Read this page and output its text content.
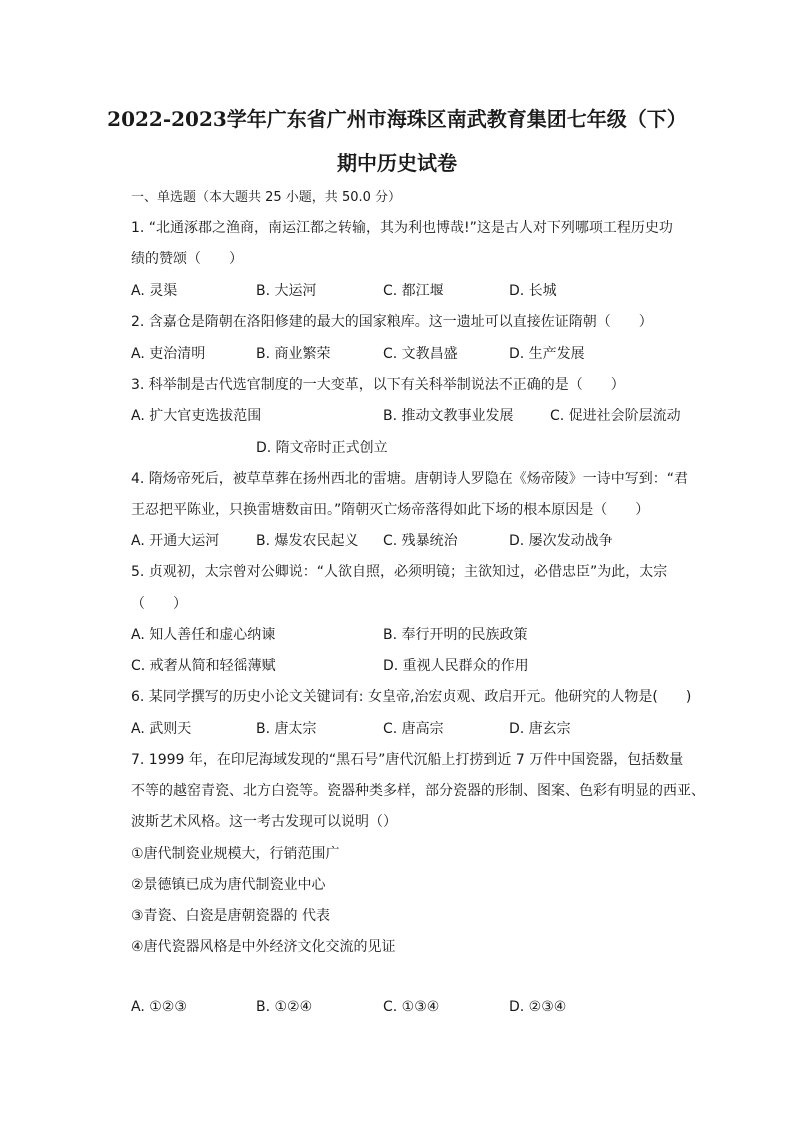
2022-2023学年广东省广州市海珠区南武教育集团七年级（下）
期中历史试卷
一、单选题（本大题共 25 小题，共 50.0 分）
1. “北通涿郡之渔商，南运江都之转输，其为利也博哉!”这是古人对下列哪项工程历史功
绩的赞颂（　　）
A. 灵渠	B. 大运河	C. 都江堰	D. 长城
2. 含嘉仓是隋朝在洛阳修建的最大的国家粮库。这一遗址可以直接佐证隋朝（　　）
A. 吏治清明	B. 商业繁荣	C. 文教昌盛	D. 生产发展
3. 科举制是古代选官制度的一大变革，以下有关科举制说法不正确的是（　　）
A. 扩大官吏选拔范围	B. 推动文教事业发展	C. 促进社会阶层流动
D. 隋文帝时正式创立
4. 隋炀帝死后，被草草葬在扬州西北的雷塘。唐朝诗人罗隐在《炀帝陵》一诗中写到：“君
王忍把平陈业，只换雷塘数亩田。”隋朝灭亡炀帝落得如此下场的根本原因是（　　）
A. 开通大运河	B. 爆发农民起义 C. 残暴统治	D. 屡次发动战争
5. 贞观初，太宗曾对公卿说：“人欲自照，必须明镜；主欲知过，必借忠臣”为此，太宗
（　　）
A. 知人善任和虚心纳谏	B. 奉行开明的民族政策
C. 戒奢从简和轻徭薄赋	D. 重视人民群众的作用
6. 某同学撰写的历史小论文关键词有: 女皇帝,治宏贞观、政启开元。他研究的人物是(　　)
A. 武则天	B. 唐太宗	C. 唐高宗	D. 唐玄宗
7. 1999 年，在印尼海域发现的“黑石号”唐代沉船上打捞到近 7 万件中国瓷器，包括数量
不等的越窑青瓷、北方白瓷等。瓷器种类多样，部分瓷器的形制、图案、色彩有明显的西亚、
波斯艺术风格。这一考古发现可以说明（）
①唐代制瓷业规模大，行销范围广
②景德镇已成为唐代制瓷业中心
③青瓷、白瓷是唐朝瓷器的 代表
④唐代瓷器风格是中外经济文化交流的见证
A. ①②③	B. ①②④	C. ①③④	D. ②③④
